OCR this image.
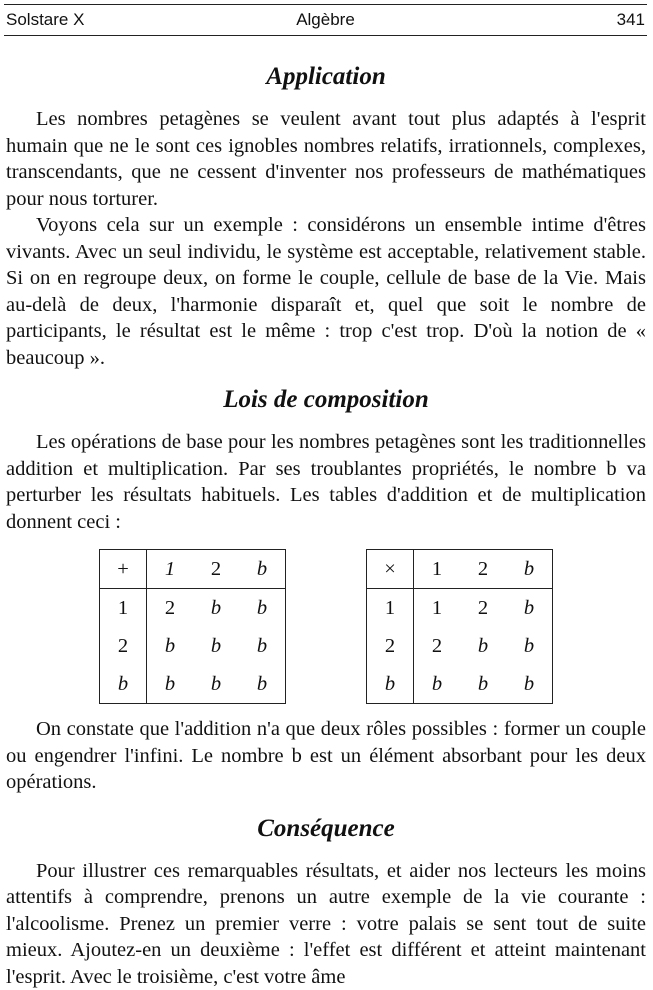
Solstare X	Algèbre	341
Application

Les nombres petagènes se veulent avant tout plus adaptés à l'esprit humain que ne le sont ces ignobles nombres relatifs, irrationnels, complexes, transcendants, que ne cessent d'inventer nos professeurs de mathématiques pour nous torturer.

Voyons cela sur un exemple : considérons un ensemble intime d'êtres vivants. Avec un seul individu, le système est acceptable, relativement stable. Si on en regroupe deux, on forme le couple, cellule de base de la Vie. Mais au-delà de deux, l'harmonie disparaît et, quel que soit le nombre de participants, le résultat est le même : trop c'est trop. D'où la notion de « beaucoup ».

Lois de composition

Les opérations de base pour les nombres petagènes sont les traditionnelles addition et multiplication. Par ses troublantes propriétés, le nombre b va perturber les résultats habituels. Les tables d'addition et de multiplication donnent ceci :

+	1	2	b
1	2	b	b
2	b	b	b
b	b	b	b
×	1	2	b
1	1	2	b
2	2	b	b
b	b	b	b

On constate que l'addition n'a que deux rôles possibles : former un couple ou engendrer l'infini. Le nombre b est un élément absorbant pour les deux opérations.

Conséquence

Pour illustrer ces remarquables résultats, et aider nos lecteurs les moins attentifs à comprendre, prenons un autre exemple de la vie courante : l'alcoolisme. Prenez un premier verre : votre palais se sent tout de suite mieux. Ajoutez-en un deuxième : l'effet est différent et atteint maintenant l'esprit. Avec le troisième, c'est votre âme
